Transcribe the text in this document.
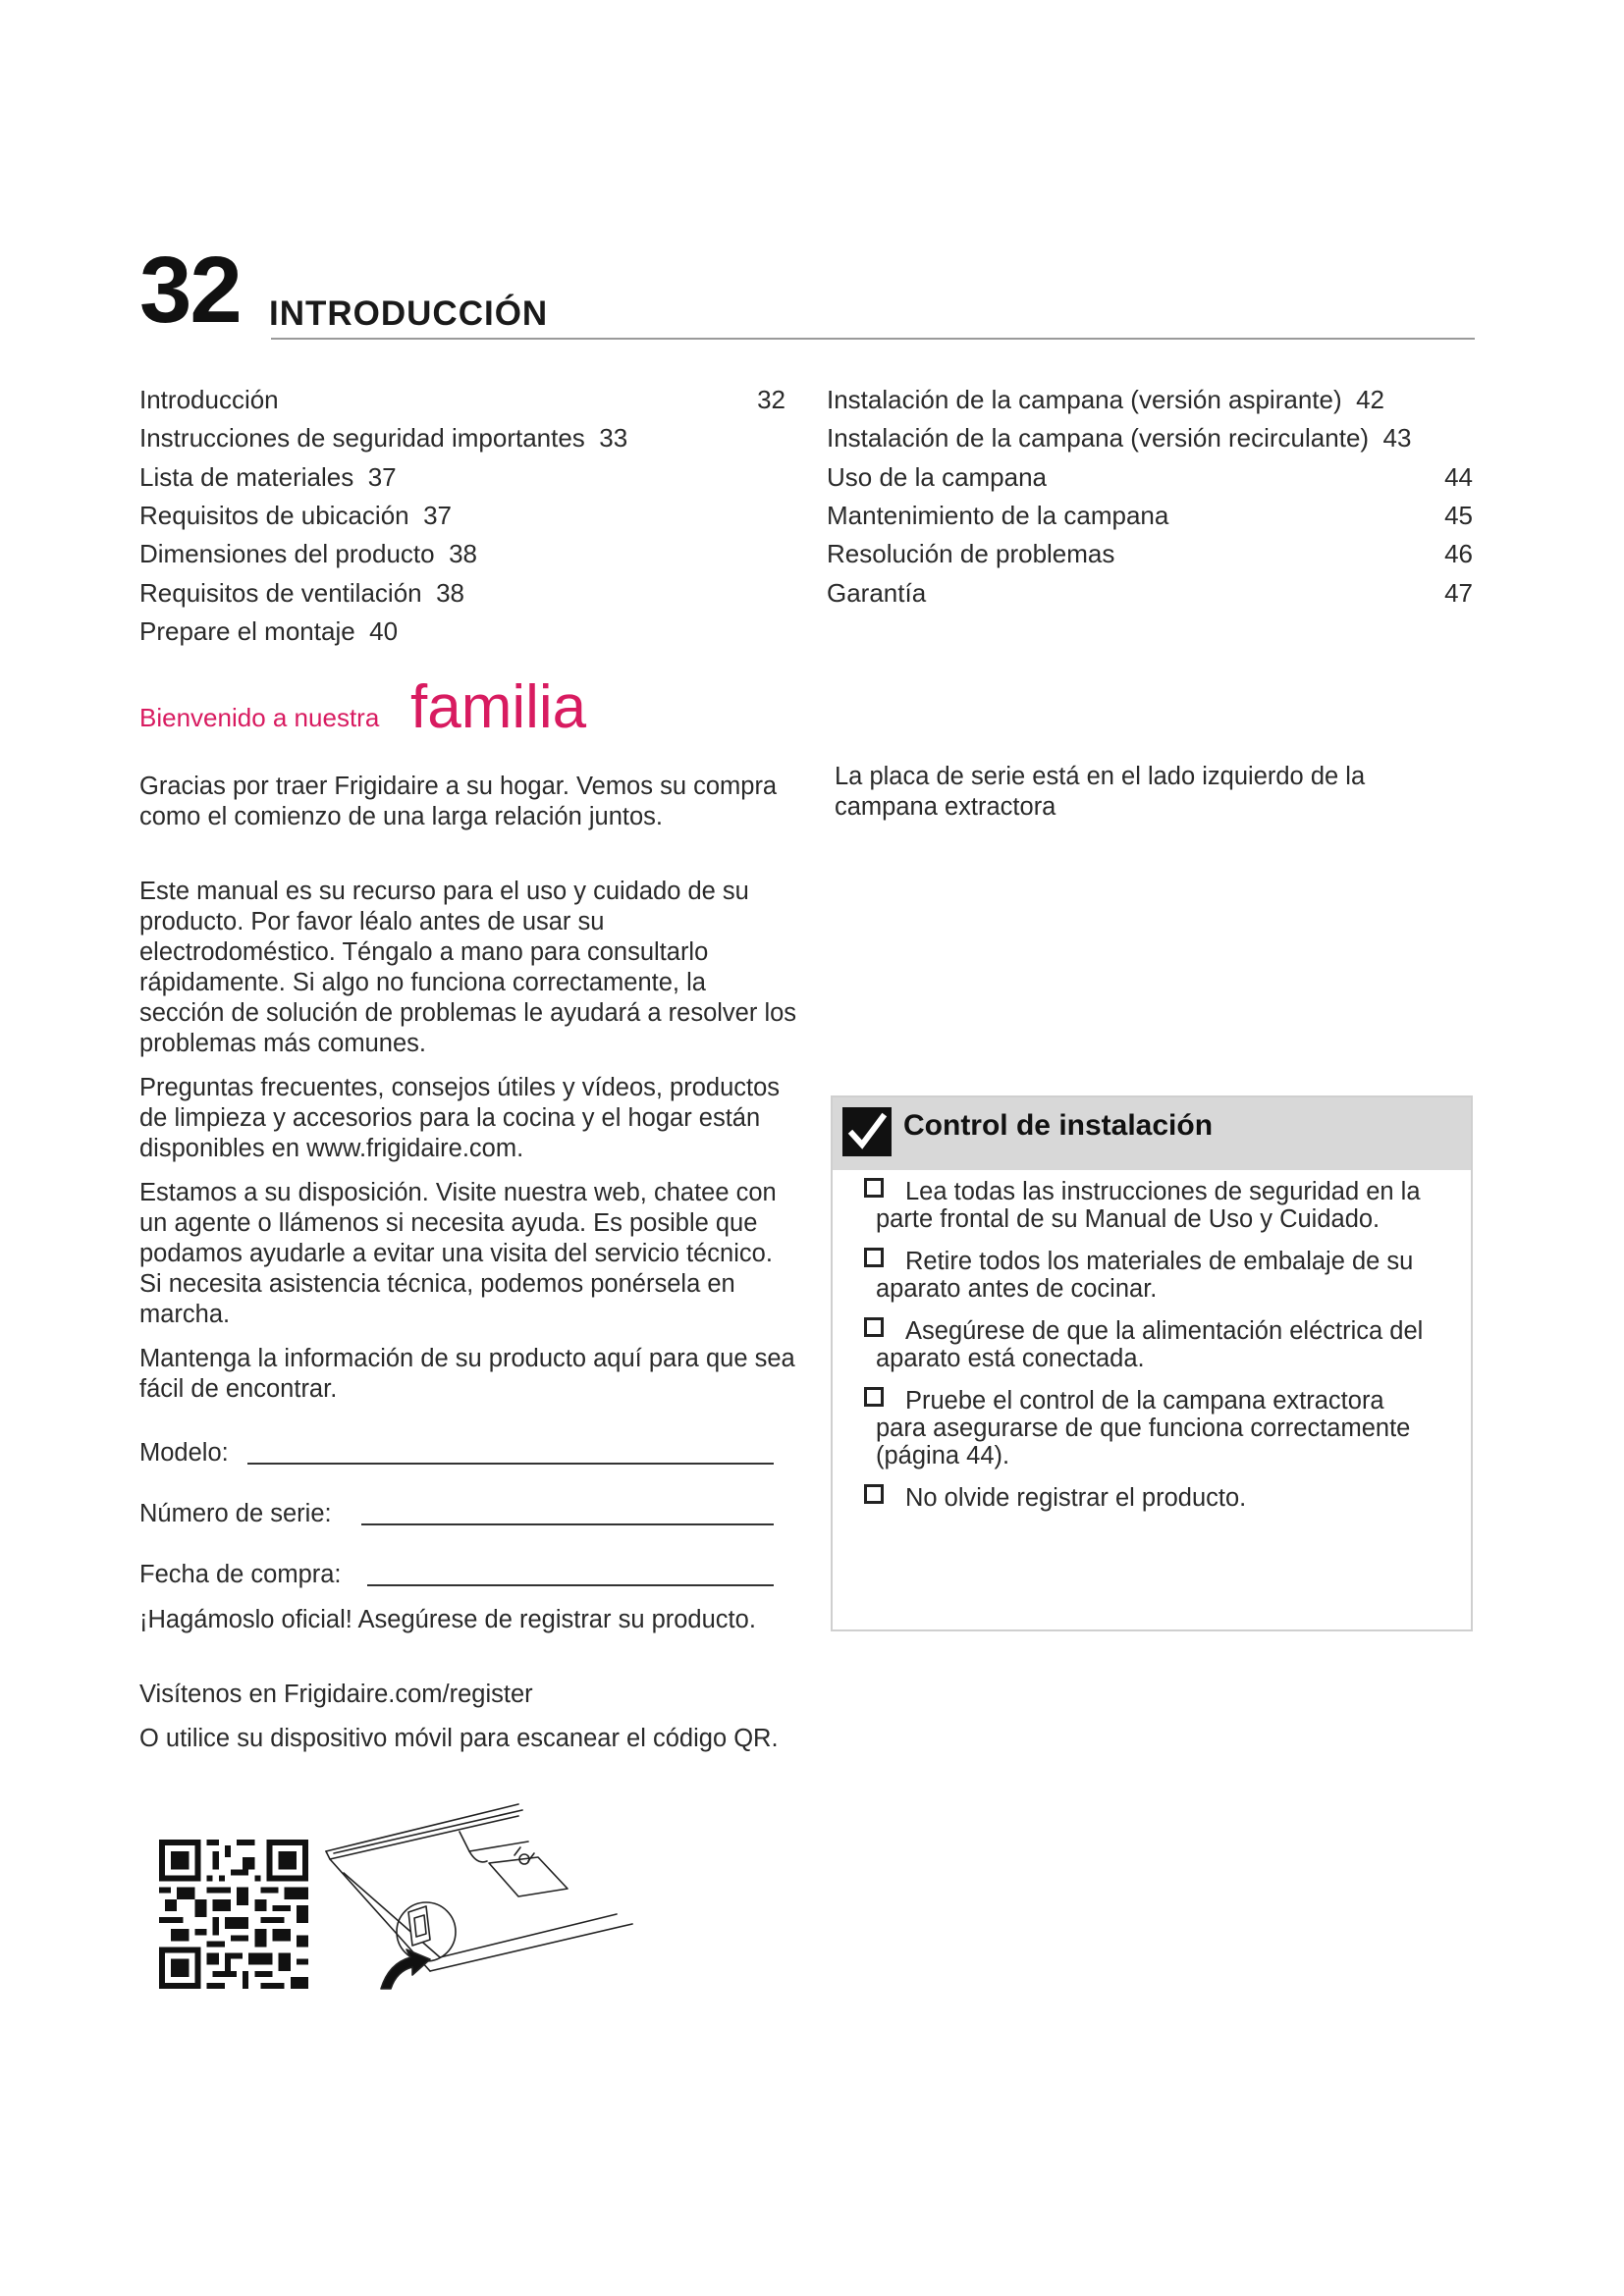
32 INTRODUCCIÓN
Introducción	32
Instrucciones de seguridad importantes 33
Lista de materiales 37
Requisitos de ubicación 37
Dimensiones del producto 38
Requisitos de ventilación 38
Prepare el montaje 40
Instalación de la campana (versión aspirante) 42
Instalación de la campana (versión recirculante) 43
Uso de la campana	44
Mantenimiento de la campana	45
Resolución de problemas	46
Garantía	47
Bienvenido a nuestra familia
Gracias por traer Frigidaire a su hogar. Vemos su compra como el comienzo de una larga relación juntos.
Este manual es su recurso para el uso y cuidado de su producto. Por favor léalo antes de usar su electrodoméstico. Téngalo a mano para consultarlo rápidamente. Si algo no funciona correctamente, la sección de solución de problemas le ayudará a resolver los problemas más comunes.
Preguntas frecuentes, consejos útiles y vídeos, productos de limpieza y accesorios para la cocina y el hogar están disponibles en www.frigidaire.com.
Estamos a su disposición. Visite nuestra web, chatee con un agente o llámenos si necesita ayuda. Es posible que podamos ayudarle a evitar una visita del servicio técnico. Si necesita asistencia técnica, podemos ponérsela en marcha.
Mantenga la información de su producto aquí para que sea fácil de encontrar.
Modelo:
Número de serie:
Fecha de compra:
¡Hagámoslo oficial! Asegúrese de registrar su producto.
Visítenos en Frigidaire.com/register
O utilice su dispositivo móvil para escanear el código QR.
La placa de serie está en el lado izquierdo de la campana extractora
Control de instalación
Lea todas las instrucciones de seguridad en la
parte frontal de su Manual de Uso y Cuidado.
Retire todos los materiales de embalaje de su
aparato antes de cocinar.
Asegúrese de que la alimentación eléctrica del
aparato está conectada.
Pruebe el control de la campana extractora
para asegurarse de que funciona correctamente
(página 44).
No olvide registrar el producto.
